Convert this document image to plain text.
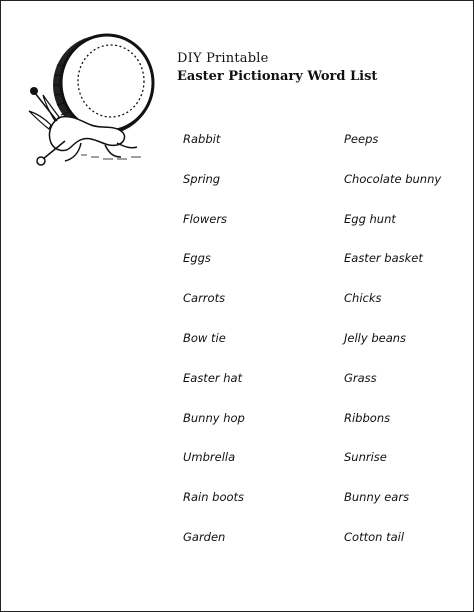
DIY Printable
Easter Pictionary Word List
Rabbit
Spring
Flowers
Eggs
Carrots
Bow tie
Easter hat
Bunny hop
Umbrella
Rain boots
Garden
Peeps
Chocolate bunny
Egg hunt
Easter basket
Chicks
Jelly beans
Grass
Ribbons
Sunrise
Bunny ears
Cotton tail
